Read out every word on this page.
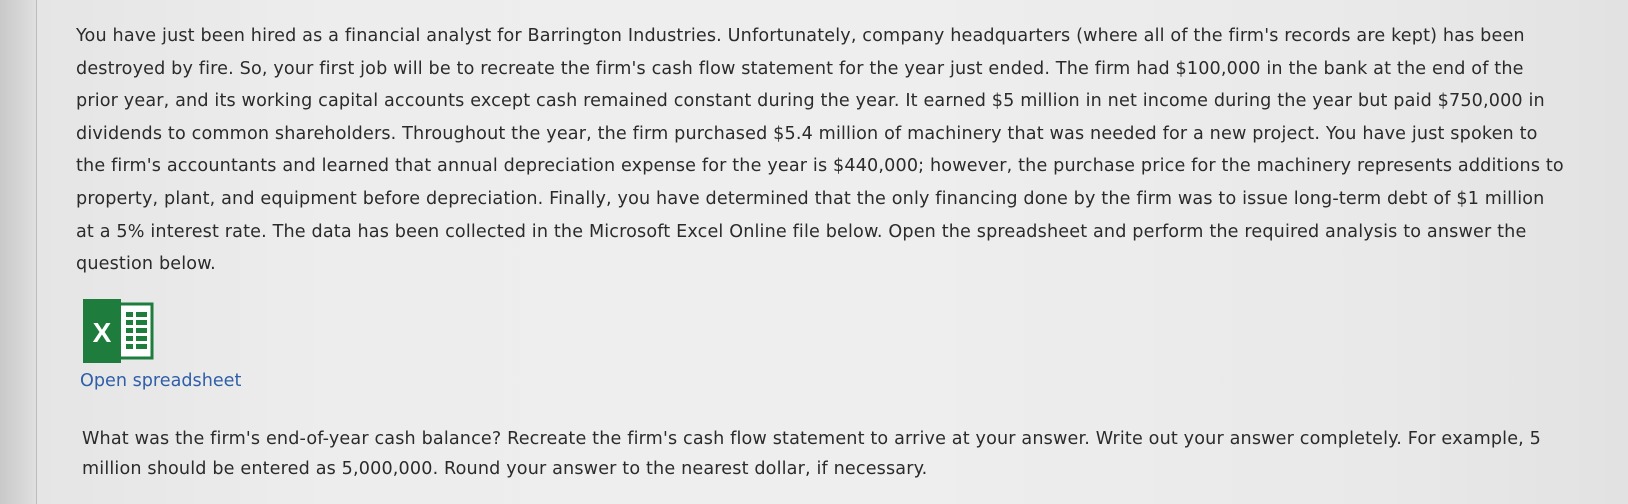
You have just been hired as a financial analyst for Barrington Industries. Unfortunately, company headquarters (where all of the firm's records are kept) has been destroyed by fire. So, your first job will be to recreate the firm's cash flow statement for the year just ended. The firm had $100,000 in the bank at the end of the prior year, and its working capital accounts except cash remained constant during the year. It earned $5 million in net income during the year but paid $750,000 in dividends to common shareholders. Throughout the year, the firm purchased $5.4 million of machinery that was needed for a new project. You have just spoken to the firm's accountants and learned that annual depreciation expense for the year is $440,000; however, the purchase price for the machinery represents additions to property, plant, and equipment before depreciation. Finally, you have determined that the only financing done by the firm was to issue long-term debt of $1 million at a 5% interest rate. The data has been collected in the Microsoft Excel Online file below. Open the spreadsheet and perform the required analysis to answer the question below.

X
Open spreadsheet

What was the firm's end-of-year cash balance? Recreate the firm's cash flow statement to arrive at your answer. Write out your answer completely. For example, 5 million should be entered as 5,000,000. Round your answer to the nearest dollar, if necessary.
